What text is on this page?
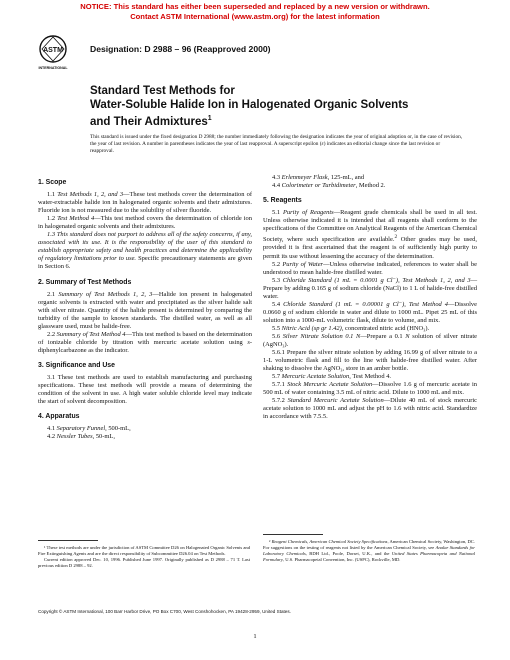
NOTICE: This standard has either been superseded and replaced by a new version or withdrawn.
Contact ASTM International (www.astm.org) for the latest information
ASTM
INTERNATIONAL
Designation: D 2988 – 96 (Reapproved 2000)
Standard Test Methods for
Water-Soluble Halide Ion in Halogenated Organic Solvents
and Their Admixtures$^1$
This standard is issued under the fixed designation D 2988; the number immediately following the designation indicates the year of original adoption or, in the case of revision, the year of last revision. A number in parentheses indicates the year of last reapproval. A superscript epsilon (ε) indicates an editorial change since the last revision or reapproval.
1. Scope

1.1 Test Methods 1, 2, and 3—These test methods cover the determination of water-extractable halide ion in halogenated organic solvents and their admixtures. Fluoride ion is not measured due to the solubility of silver fluoride.

1.2 Test Method 4—This test method covers the determination of chloride ion in halogenated organic solvents and their admixtures.

1.3 This standard does not purport to address all of the safety concerns, if any, associated with its use. It is the responsibility of the user of this standard to establish appropriate safety and health practices and determine the applicability of regulatory limitations prior to use. Specific precautionary statements are given in Section 6.

2. Summary of Test Methods

2.1 Summary of Test Methods 1, 2, 3—Halide ion present in halogenated organic solvents is extracted with water and precipitated as the silver halide salt with silver nitrate. Quantity of the halide present is determined by comparing the turbidity of the sample to known standards. The distilled water, as well as all glassware used, must be halide-free.

2.2 Summary of Test Method 4—This test method is based on the determination of ionizable chloride by titration with mercuric acetate solution using s-diphenylcarbazone as the indicator.

3. Significance and Use

3.1 These test methods are used to establish manufacturing and purchasing specifications. These test methods will provide a means of determining the condition of the solvent in use. A high water soluble chloride level may indicate the start of solvent decomposition.

4. Apparatus

4.1 Separatory Funnel, 500-mL,

4.2 Nessler Tubes, 50-mL,

4.3 Erlenmeyer Flask, 125-mL, and

4.4 Colorimeter or Turbidimeter, Method 2.

5. Reagents

5.1 Purity of Reagents—Reagent grade chemicals shall be used in all test. Unless otherwise indicated it is intended that all reagents shall conform to the specifications of the Committee on Analytical Reagents of the American Chemical Society, where such specification are available.$^2$ Other grades may be used, provided it is first ascertained that the reagent is of sufficiently high purity to permit its use without lessening the accuracy of the determination.

5.2 Purity of Water—Unless otherwise indicated, references to water shall be understood to mean halide-free distilled water.

5.3 Chloride Standard (1 mL = 0.0001 g Cl⁻), Test Methods 1, 2, and 3—Prepare by adding 0.165 g of sodium chloride (NaCl) to 1 L of halide-free distilled water.

5.4 Chloride Standard (1 mL = 0.00001 g Cl⁻), Test Method 4—Dissolve 0.0660 g of sodium chloride in water and dilute to 1000 mL. Pipet 25 mL of this solution into a 1000-mL volumetric flask, dilute to volume, and mix.

5.5 Nitric Acid (sp gr 1.42), concentrated nitric acid (HNO₃).

5.6 Silver Nitrate Solution 0.1 N—Prepare a 0.1 N solution of silver nitrate (AgNO₃).

5.6.1 Prepare the silver nitrate solution by adding 16.99 g of silver nitrate to a 1-L volumetric flask and fill to the line with halide-free distilled water. After shaking to dissolve the AgNO₃, store in an amber bottle.

5.7 Mercuric Acetate Solution, Test Method 4.

5.7.1 Stock Mercuric Acetate Solution—Dissolve 1.6 g of mercuric acetate in 500 mL of water containing 3.5 mL of nitric acid. Dilute to 1000 mL and mix.

5.7.2 Standard Mercuric Acetate Solution—Dilute 40 mL of stock mercuric acetate solution to 1000 mL and adjust the pH to 1.6 with nitric acid. Standardize in accordance with 7.5.5.

¹ These test methods are under the jurisdiction of ASTM Committee D26 on Halogenated Organic Solvents and Fire Extinguishing Agents and are the direct responsibility of Subcommittee D26.04 on Test Methods.

Current edition approved Dec. 10, 1996. Published June 1997. Originally published as D 2988 – 71 T. Last previous edition D 2988 – 92.

² Reagent Chemicals, American Chemical Society Specifications, American Chemical Society, Washington, DC. For suggestions on the testing of reagents not listed by the American Chemical Society, see Analar Standards for Laboratory Chemicals, BDH Ltd., Poole, Dorset, U.K., and the United States Pharmacopeia and National Formulary, U.S. Pharmacopeial Convention, Inc. (USPC), Rockville, MD.

Copyright © ASTM International, 100 Barr Harbor Drive, PO Box C700, West Conshohocken, PA 19428-2959, United States.
1
